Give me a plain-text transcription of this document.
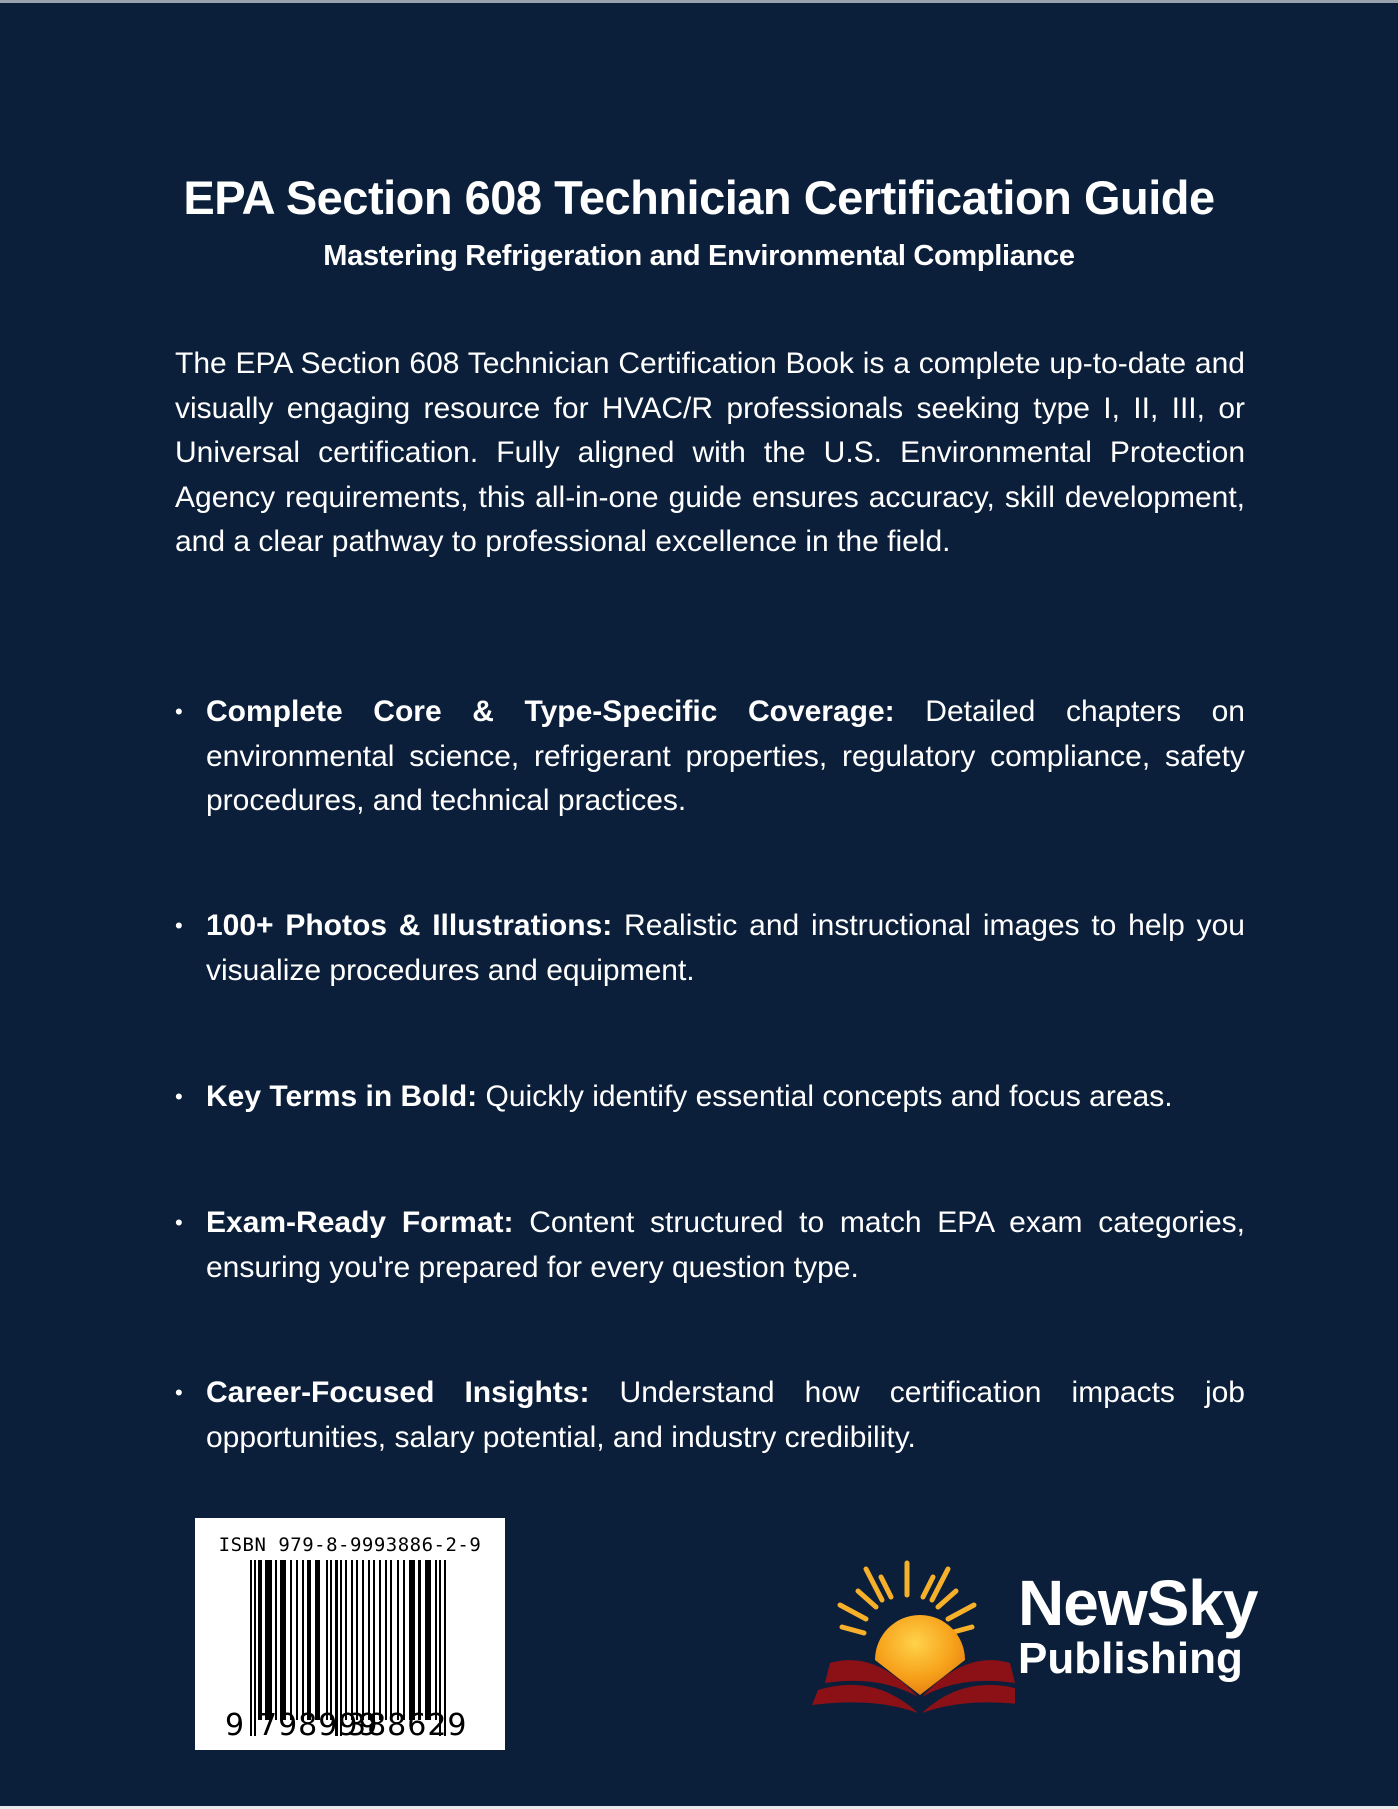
EPA Section 608 Technician Certification Guide
Mastering Refrigeration and Environmental Compliance

The EPA Section 608 Technician Certification Book is a complete up-to-date and visually engaging resource for HVAC/R professionals seeking type I, II, III, or Universal certification. Fully aligned with the U.S. Environmental Protection Agency requirements, this all-in-one guide ensures accuracy, skill development, and a clear pathway to professional excellence in the field.

• Complete Core & Type-Specific Coverage: Detailed chapters on environmental science, refrigerant properties, regulatory compliance, safety procedures, and technical practices.
• 100+ Photos & Illustrations: Realistic and instructional images to help you visualize procedures and equipment.
• Key Terms in Bold: Quickly identify essential concepts and focus areas.
• Exam-Ready Format: Content structured to match EPA exam categories, ensuring you're prepared for every question type.
• Career-Focused Insights: Understand how certification impacts job opportunities, salary potential, and industry credibility.
ISBN 979-8-9993886-2-9
9 798999
388629
NewSky
Publishing
